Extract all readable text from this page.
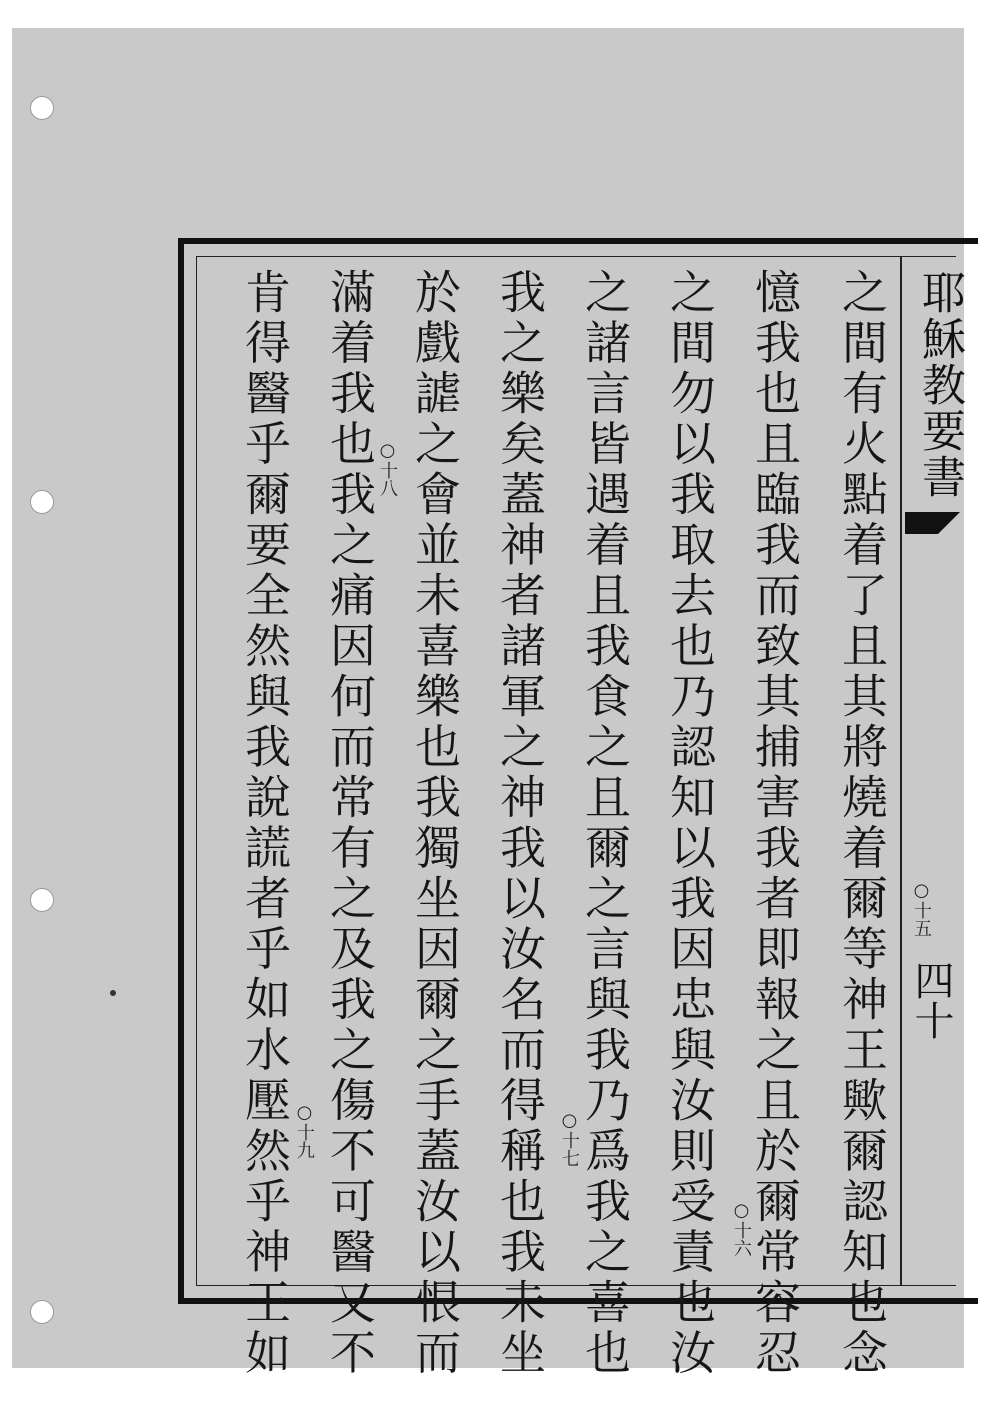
耶穌教要書
四十
之間有火點着了且其將燒着爾等神王歟爾認知也念
憶我也且臨我而致其捕害我者即報之且於爾常容忍
之間勿以我取去也乃認知以我因忠與汝則受責也汝
之諸言皆遇着且我食之且爾之言與我乃爲我之喜也
我之樂矣蓋神者諸軍之神我以汝名而得稱也我未坐
於戲謔之會並未喜樂也我獨坐因爾之手蓋汝以恨而
滿着我也我之痛因何而常有之及我之傷不可醫又不
肯得醫乎爾要全然與我說謊者乎如水壓然乎神王如	○十五
○十六
○十七
○十八
○十九
